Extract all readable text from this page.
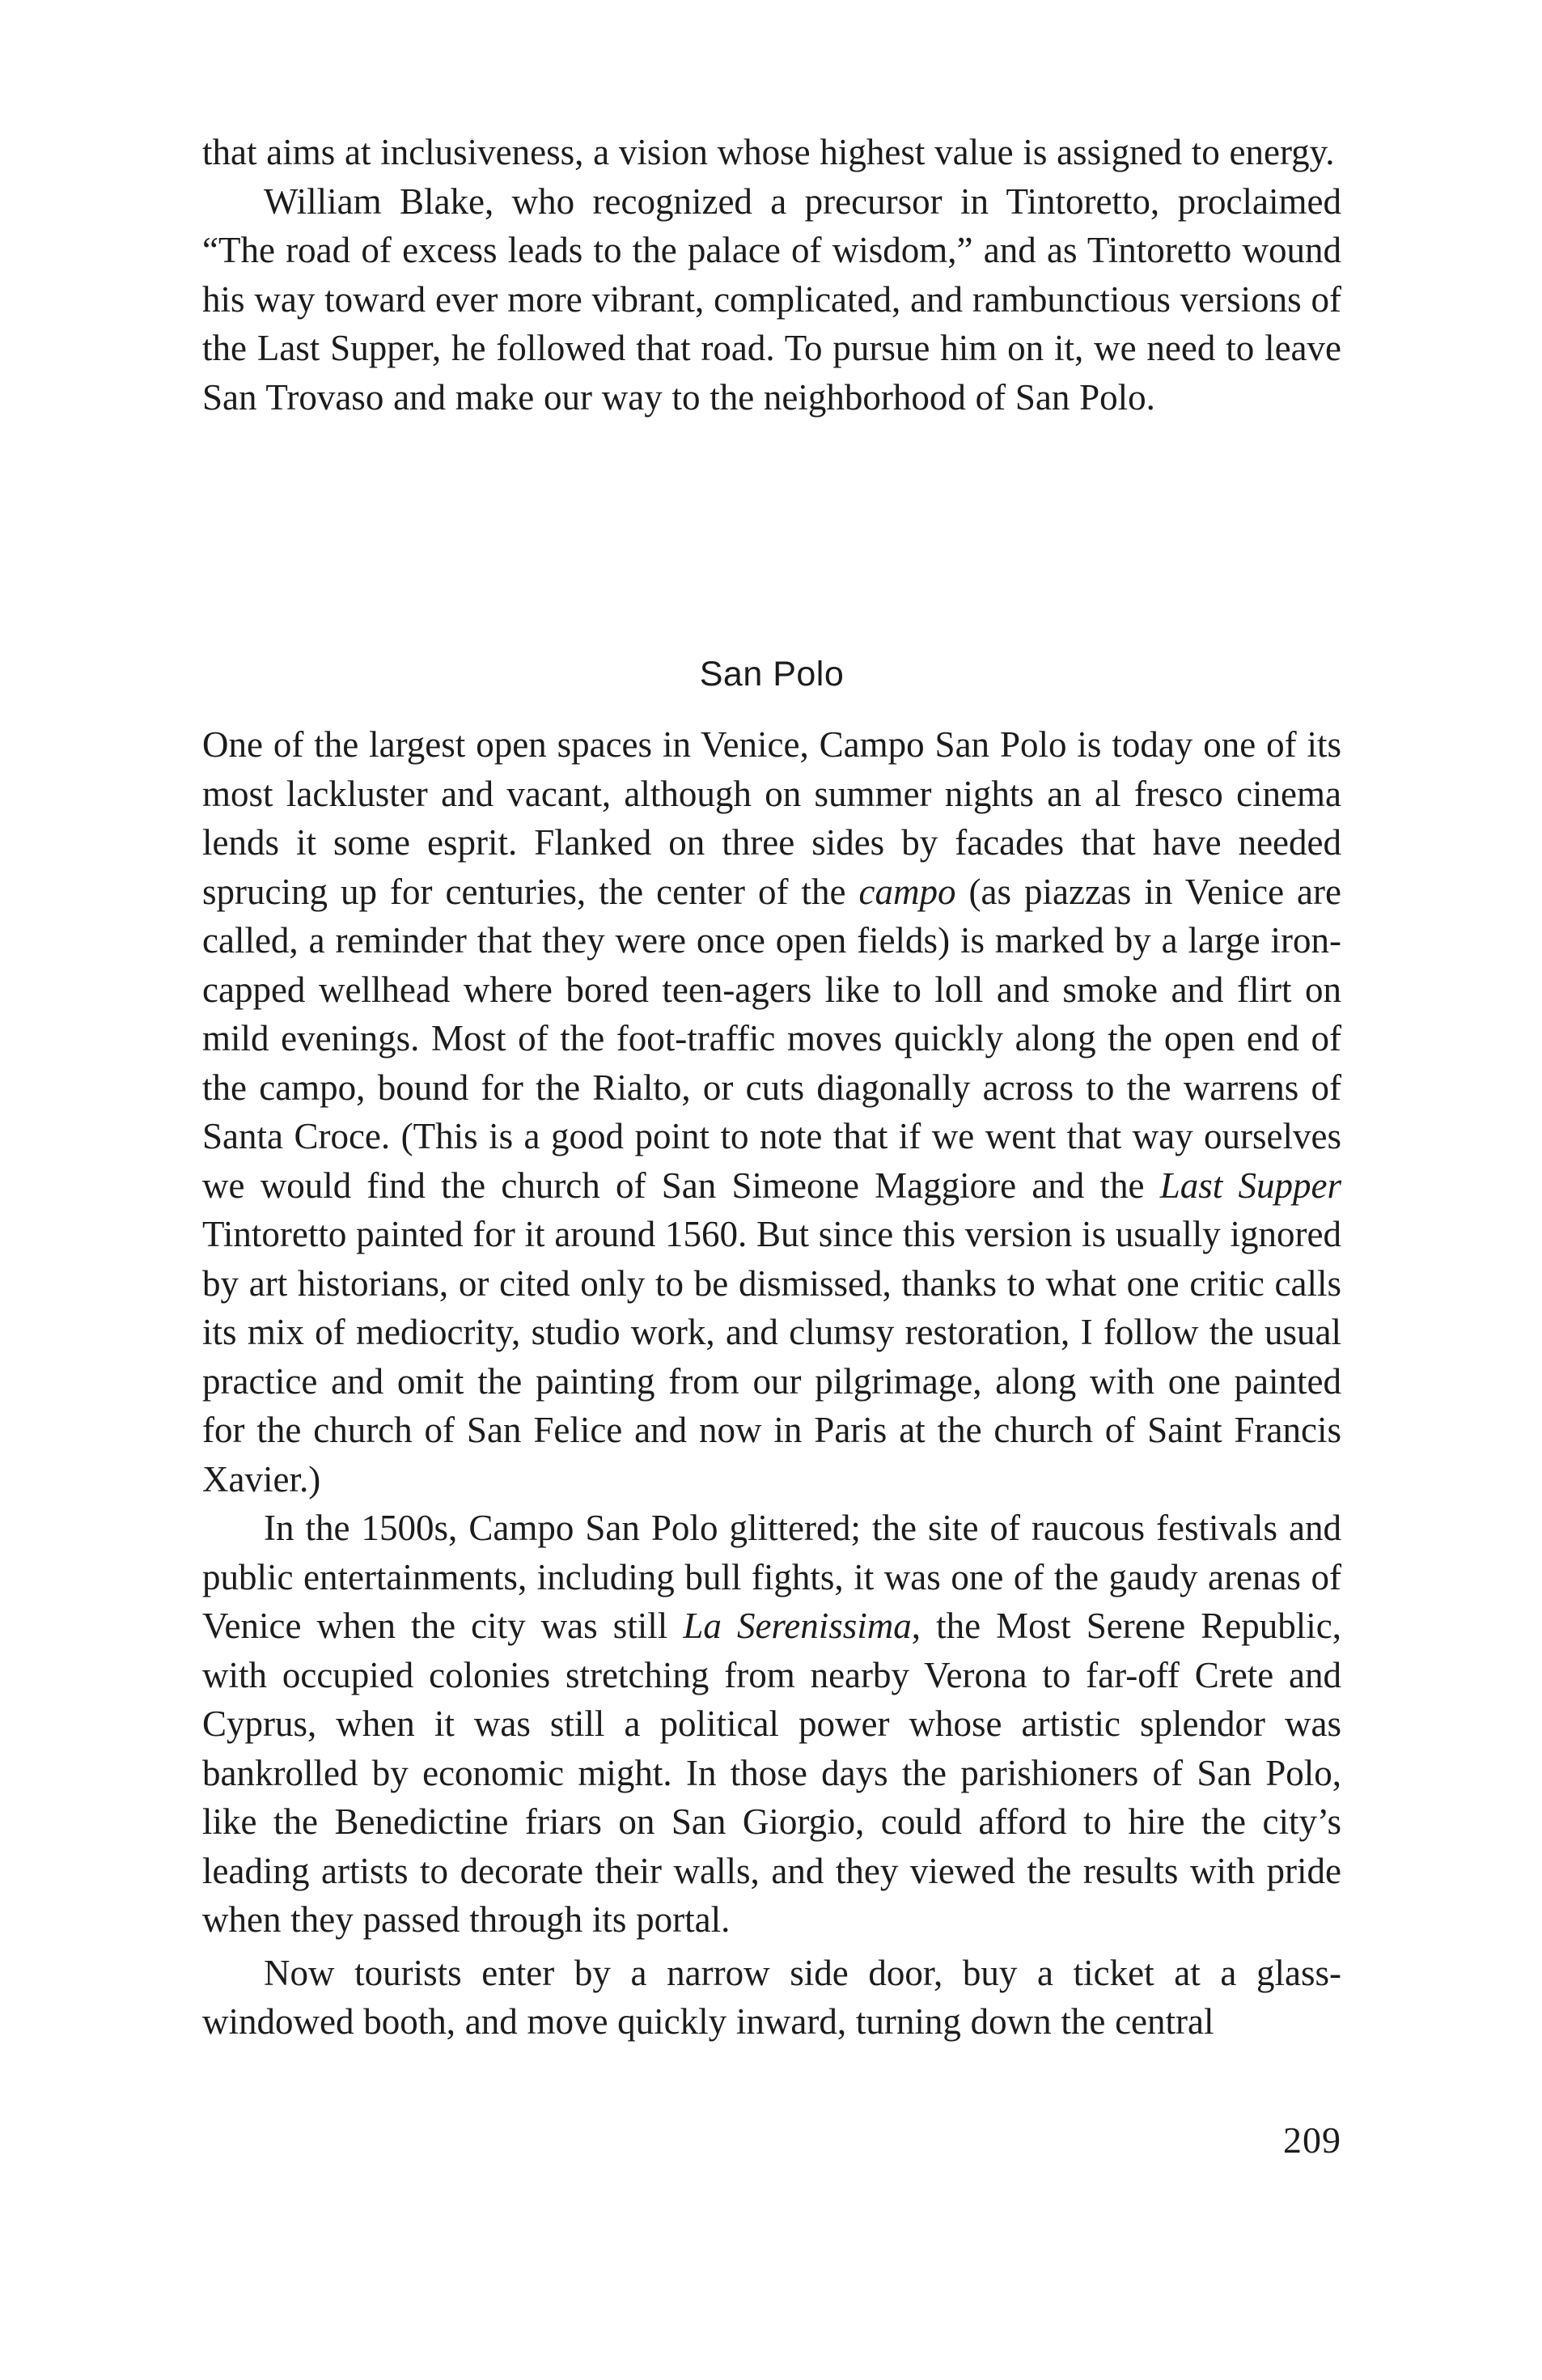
that aims at inclusiveness, a vision whose highest value is assigned to energy.

William Blake, who recognized a precursor in Tintoretto, proclaimed “The road of excess leads to the palace of wisdom,” and as Tintoretto wound his way toward ever more vibrant, complicated, and rambunctious versions of the Last Supper, he followed that road. To pursue him on it, we need to leave San Trovaso and make our way to the neighborhood of San Polo.

San Polo

One of the largest open spaces in Venice, Campo San Polo is today one of its most lackluster and vacant, although on summer nights an al fresco cinema lends it some esprit. Flanked on three sides by facades that have needed sprucing up for centuries, the center of the campo (as piazzas in Venice are called, a reminder that they were once open fields) is marked by a large iron-capped wellhead where bored teen-agers like to loll and smoke and flirt on mild evenings. Most of the foot-traffic moves quickly along the open end of the campo, bound for the Rialto, or cuts diagonally across to the warrens of Santa Croce. (This is a good point to note that if we went that way ourselves we would find the church of San Simeone Maggiore and the Last Supper Tintoretto painted for it around 1560. But since this version is usually ignored by art historians, or cited only to be dismissed, thanks to what one critic calls its mix of mediocrity, studio work, and clumsy restoration, I follow the usual practice and omit the painting from our pilgrimage, along with one painted for the church of San Felice and now in Paris at the church of Saint Francis Xavier.)

In the 1500s, Campo San Polo glittered; the site of raucous festivals and public entertainments, including bull fights, it was one of the gaudy arenas of Venice when the city was still La Serenissima, the Most Serene Republic, with occupied colonies stretching from nearby Verona to far-off Crete and Cyprus, when it was still a political power whose artistic splendor was bankrolled by economic might. In those days the parishioners of San Polo, like the Benedictine friars on San Giorgio, could afford to hire the city’s leading artists to decorate their walls, and they viewed the results with pride when they passed through its portal.

Now tourists enter by a narrow side door, buy a ticket at a glasswindowed booth, and move quickly inward, turning down the central

209
